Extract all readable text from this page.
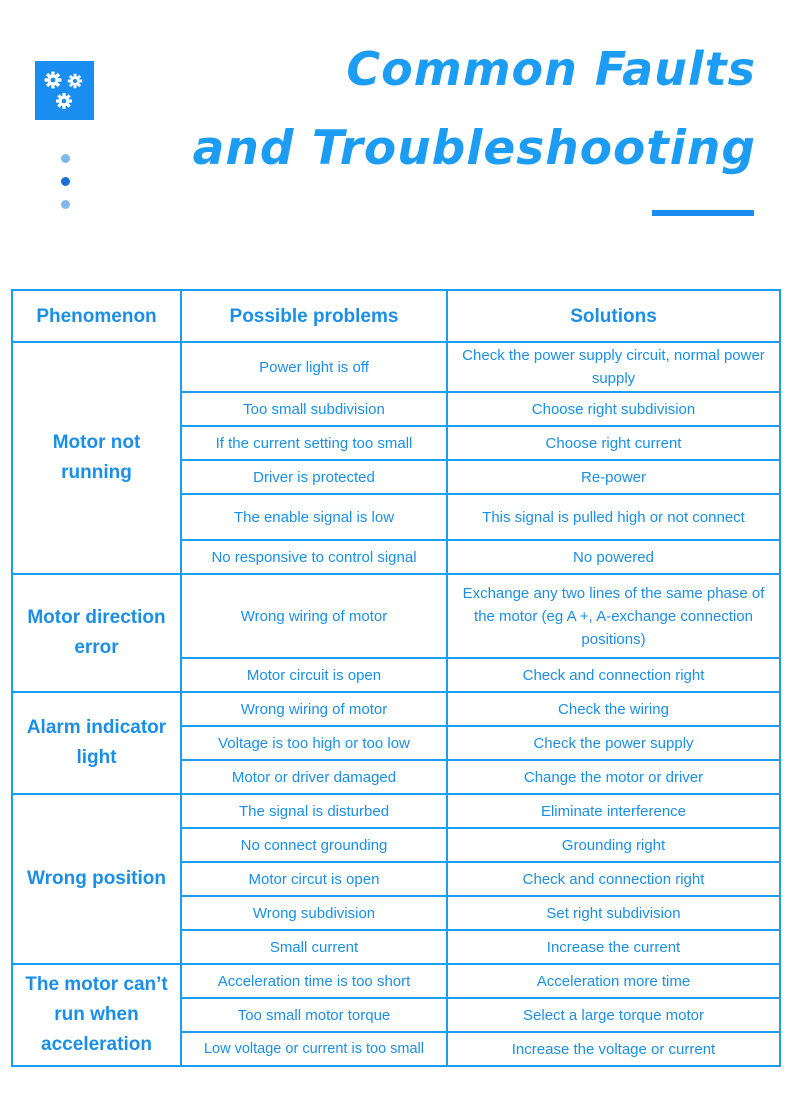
Common Faults
and Troubleshooting
Phenomenon	Possible problems	Solutions
Motor not running	Power light is off	Check the power supply circuit, normal power supply
	Too small subdivision	Choose right subdivision
	If the current setting too small	Choose right current
	Driver is protected	Re-power
	The enable signal is low	This signal is pulled high or not connect
	No responsive to control signal	No powered
Motor direction error	Wrong wiring of motor	Exchange any two lines of the same phase of the motor (eg A +, A-exchange connection positions)
	Motor circuit is open	Check and connection right
Alarm indicator light	Wrong wiring of motor	Check the wiring
	Voltage is too high or too low	Check the power supply
	Motor or driver damaged	Change the motor or driver
Wrong position	The signal is disturbed	Eliminate interference
	No connect grounding	Grounding right
	Motor circut is open	Check and connection right
	Wrong subdivision	Set right subdivision
	Small current	Increase the current
The motor can’t run when acceleration	Acceleration time is too short	Acceleration more time
	Too small motor torque	Select a large torque motor
	Low voltage or current is too small	Increase the voltage or current
